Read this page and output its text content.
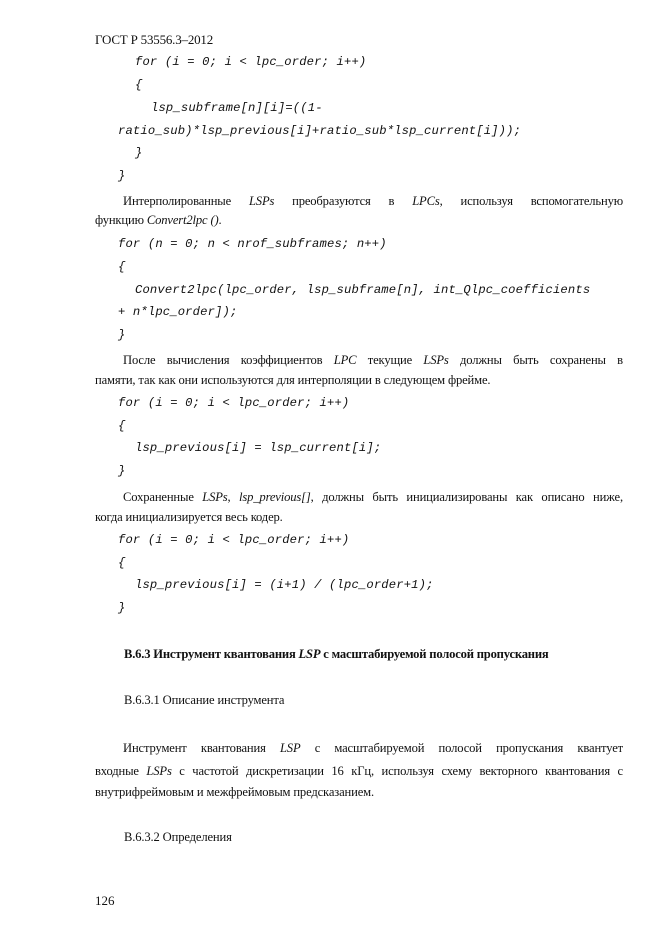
ГОСТ Р 53556.3–2012
for (i = 0; i < lpc_order; i++)
{
lsp_subframe[n][i]=((1-
ratio_sub)*lsp_previous[i]+ratio_sub*lsp_current[i]));
}
}
Интерполированные LSPs преобразуются в LPCs, используя вспомогательную
функцию Convert2lpc ().
for (n = 0; n < nrof_subframes; n++)
{
Convert2lpc(lpc_order, lsp_subframe[n], int_Qlpc_coefficients
+ n*lpc_order]);
}
После вычисления коэффициентов LPC текущие LSPs должны быть сохранены в
памяти, так как они используются для интерполяции в следующем фрейме.
for (i = 0; i < lpc_order; i++)
{
lsp_previous[i] = lsp_current[i];
}
Сохраненные LSPs, lsp_previous[], должны быть инициализированы как описано ниже,
когда инициализируется весь кодер.
for (i = 0; i < lpc_order; i++)
{
lsp_previous[i] = (i+1) / (lpc_order+1);
}
B.6.3 Инструмент квантования LSP с масштабируемой полосой пропускания
B.6.3.1 Описание инструмента
Инструмент квантования LSP с масштабируемой полосой пропускания квантует
входные LSPs с частотой дискретизации 16 кГц, используя схему векторного квантования с
внутрифреймовым и межфреймовым предсказанием.
B.6.3.2 Определения
126
